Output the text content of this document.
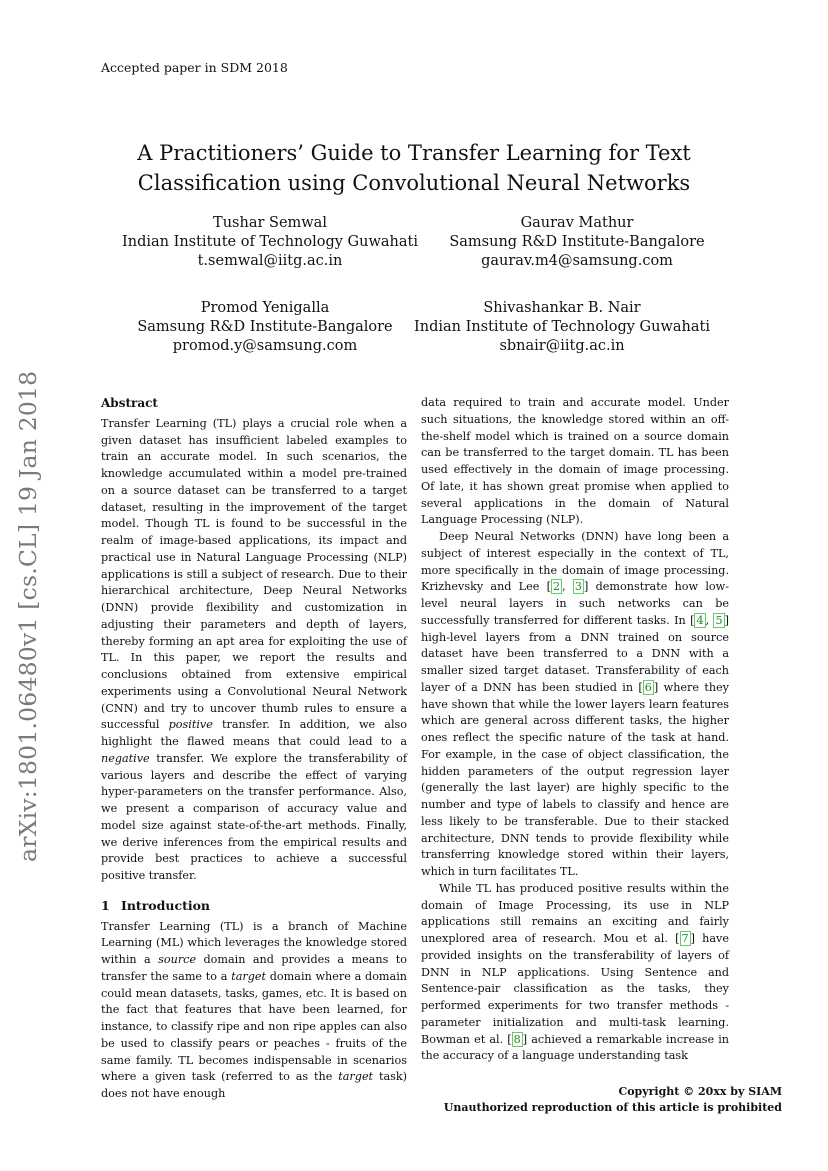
Accepted paper in SDM 2018
A Practitioners’ Guide to Transfer Learning for Text
Classification using Convolutional Neural Networks
Tushar Semwal
Indian Institute of Technology Guwahati
t.semwal@iitg.ac.in
Gaurav Mathur
Samsung R&D Institute-Bangalore
gaurav.m4@samsung.com
Promod Yenigalla
Samsung R&D Institute-Bangalore
promod.y@samsung.com
Shivashankar B. Nair
Indian Institute of Technology Guwahati
sbnair@iitg.ac.in
arXiv:1801.06480v1 [cs.CL] 19 Jan 2018	Abstract

Transfer Learning (TL) plays a crucial role when a given dataset has insufficient labeled examples to train an accurate model. In such scenarios, the knowledge accumulated within a model pre-trained on a source dataset can be transferred to a target dataset, resulting in the improvement of the target model. Though TL is found to be successful in the realm of image-based applications, its impact and practical use in Natural Language Processing (NLP) applications is still a subject of research. Due to their hierarchical architecture, Deep Neural Networks (DNN) provide flexibility and customization in adjusting their parameters and depth of layers, thereby forming an apt area for exploiting the use of TL. In this paper, we report the results and conclusions obtained from extensive empirical experiments using a Convolutional Neural Network (CNN) and try to uncover thumb rules to ensure a successful positive transfer. In addition, we also highlight the flawed means that could lead to a negative transfer. We explore the transferability of various layers and describe the effect of varying hyper-parameters on the transfer performance. Also, we present a comparison of accuracy value and model size against state-of-the-art methods. Finally, we derive inferences from the empirical results and provide best practices to achieve a successful positive transfer.

1 Introduction

Transfer Learning (TL) is a branch of Machine Learning (ML) which leverages the knowledge stored within a source domain and provides a means to transfer the same to a target domain where a domain could mean datasets, tasks, games, etc. It is based on the fact that features that have been learned, for instance, to classify ripe and non ripe apples can also be used to classify pears or peaches - fruits of the same family. TL becomes indispensable in scenarios where a given task (referred to as the target task) does not have enough

data required to train and accurate model. Under such situations, the knowledge stored within an off-the-shelf model which is trained on a source domain can be transferred to the target domain. TL has been used effectively in the domain of image processing. Of late, it has shown great promise when applied to several applications in the domain of Natural Language Processing (NLP).

Deep Neural Networks (DNN) have long been a subject of interest especially in the context of TL, more specifically in the domain of image processing. Krizhevsky and Lee [ 2 , 3 ] demonstrate how low-level neural layers in such networks can be successfully transferred for different tasks. In [ 4 , 5 ] high-level layers from a DNN trained on source dataset have been transferred to a DNN with a smaller sized target dataset. Transferability of each layer of a DNN has been studied in [ 6 ] where they have shown that while the lower layers learn features which are general across different tasks, the higher ones reflect the specific nature of the task at hand. For example, in the case of object classification, the hidden parameters of the output regression layer (generally the last layer) are highly specific to the number and type of labels to classify and hence are less likely to be transferable. Due to their stacked architecture, DNN tends to provide flexibility while transferring knowledge stored within their layers, which in turn facilitates TL.

While TL has produced positive results within the domain of Image Processing, its use in NLP applications still remains an exciting and fairly unexplored area of research. Mou et al. [ 7 ] have provided insights on the transferability of layers of DNN in NLP applications. Using Sentence and Sentence-pair classification as the tasks, they performed experiments for two transfer methods - parameter initialization and multi-task learning. Bowman et al. [ 8 ] achieved a remarkable increase in the accuracy of a language understanding task

Copyright © 20xx by SIAM
Unauthorized reproduction of this article is prohibited
